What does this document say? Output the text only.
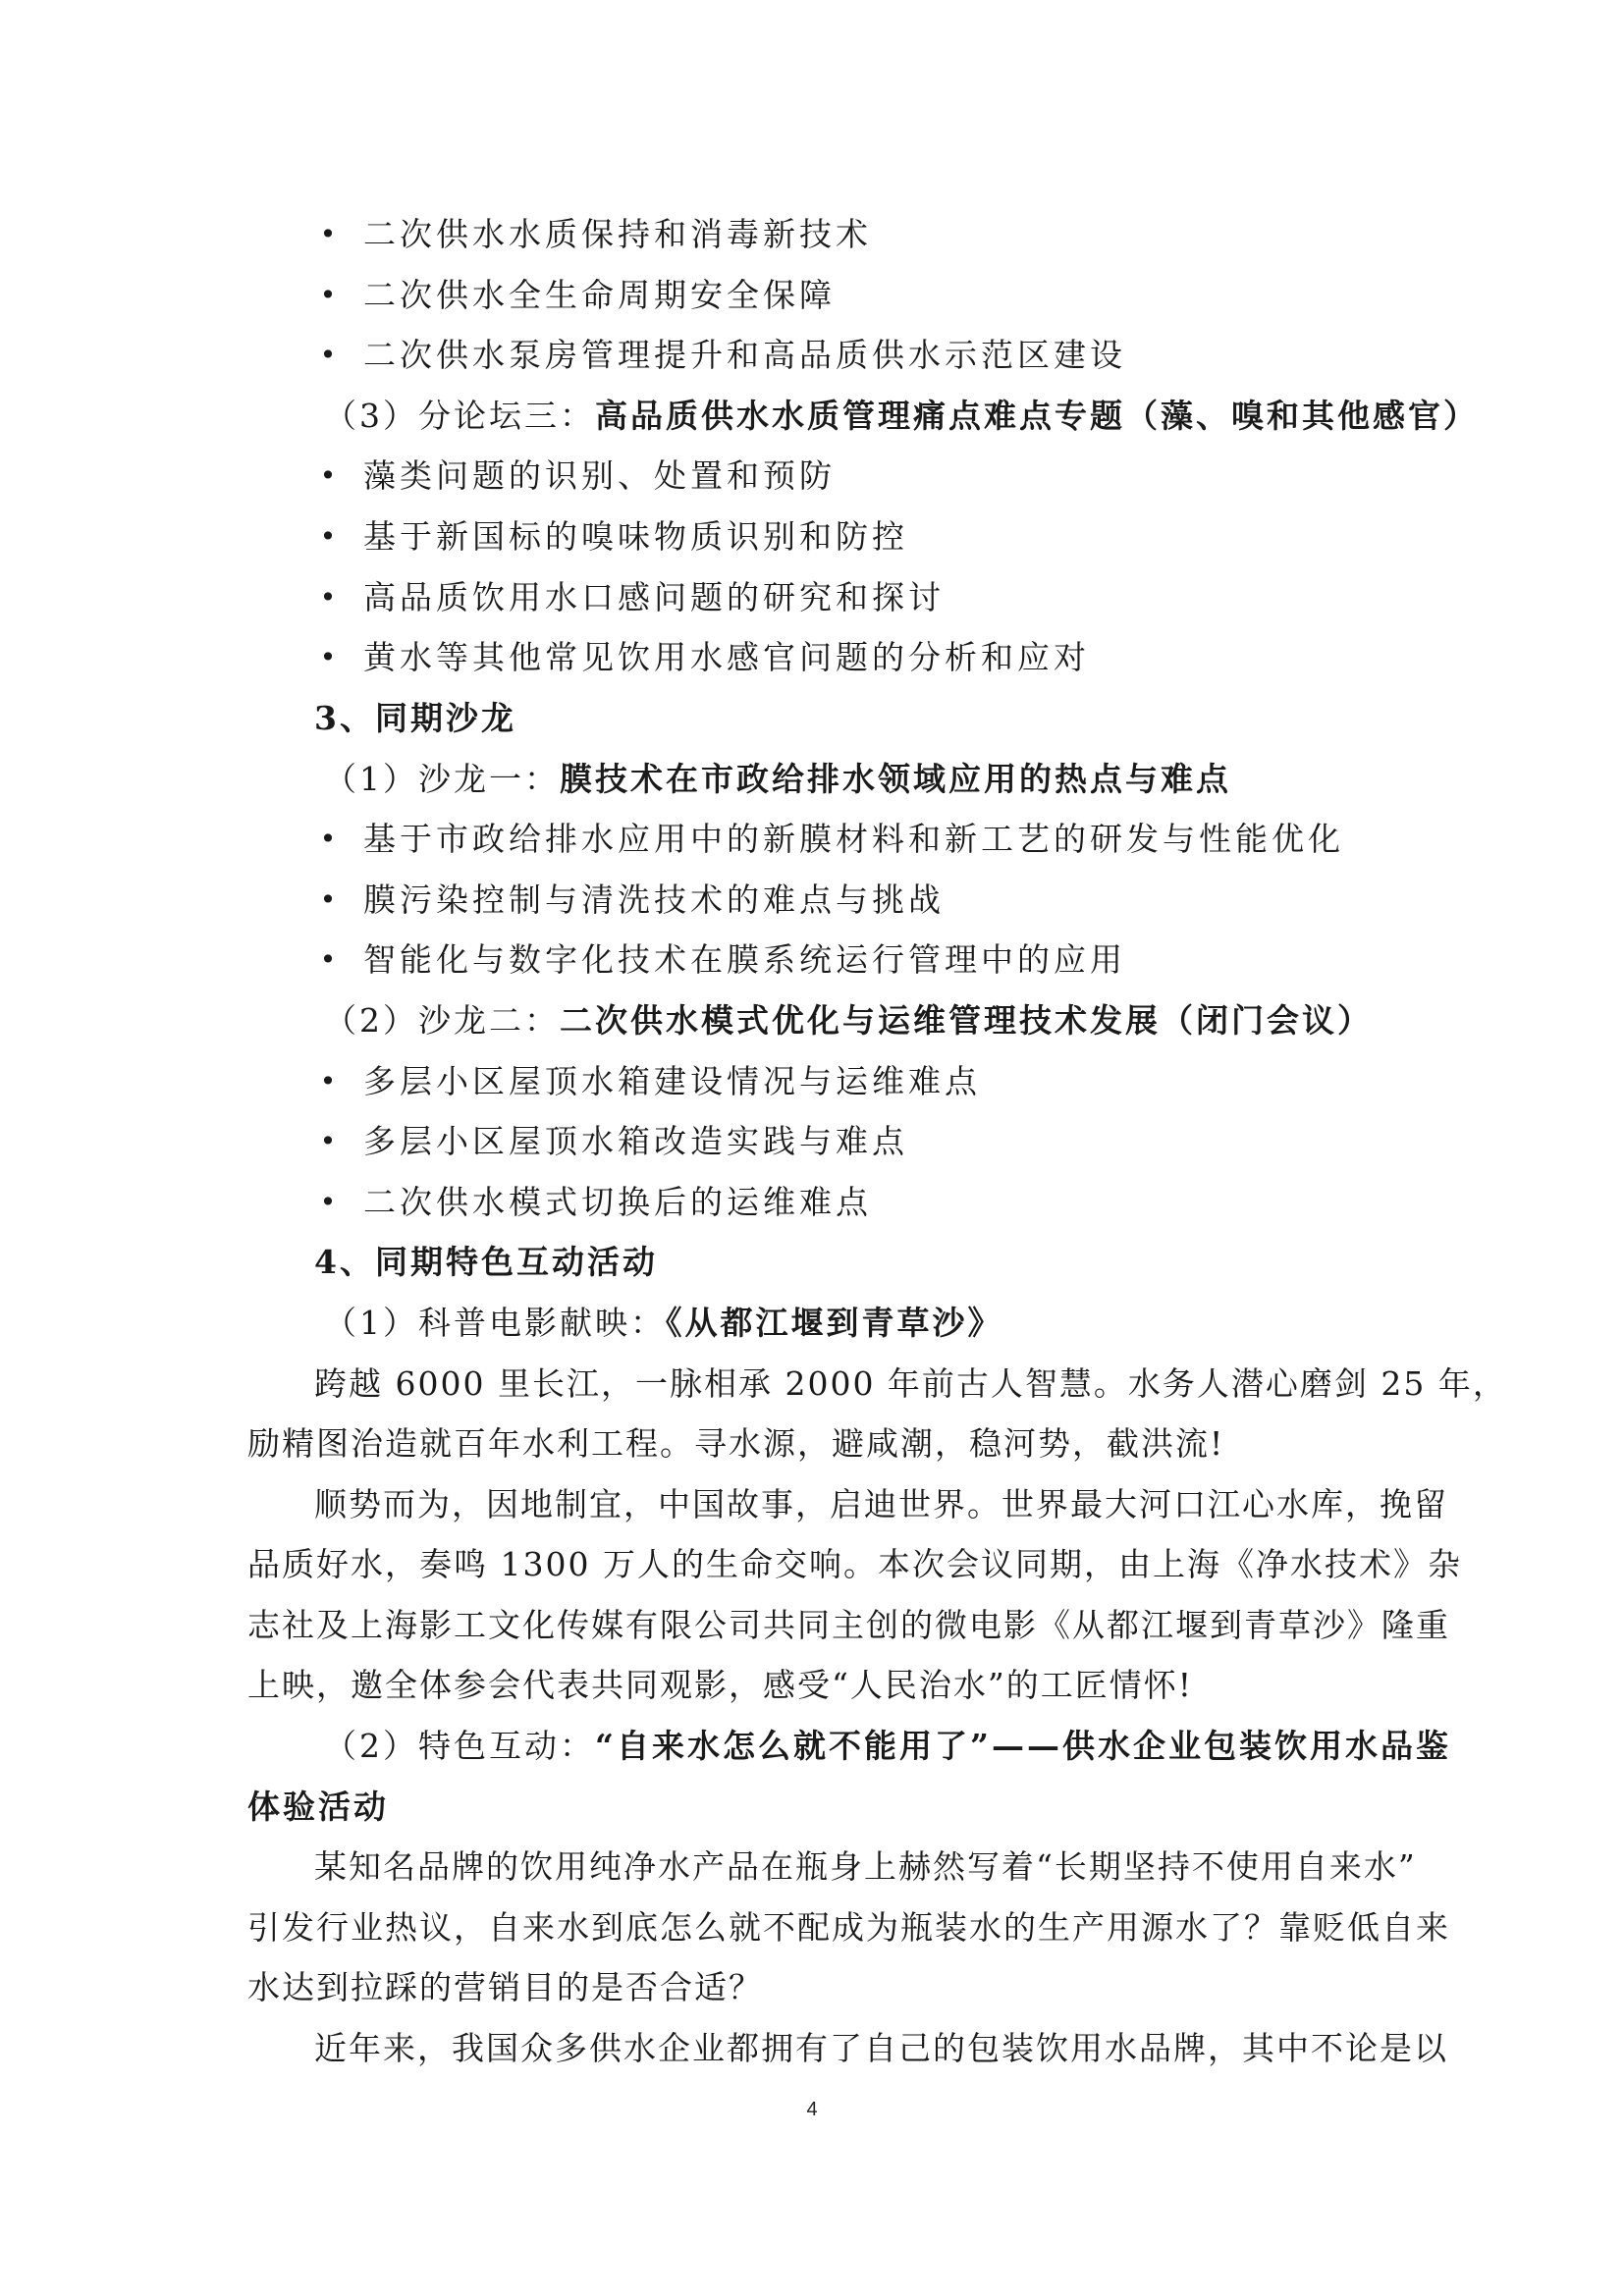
• 二次供水水质保持和消毒新技术
• 二次供水全生命周期安全保障
• 二次供水泵房管理提升和高品质供水示范区建设
（3）分论坛三：高品质供水水质管理痛点难点专题（藻、嗅和其他感官）
• 藻类问题的识别、处置和预防
• 基于新国标的嗅味物质识别和防控
• 高品质饮用水口感问题的研究和探讨
• 黄水等其他常见饮用水感官问题的分析和应对
3、同期沙龙
（1）沙龙一：膜技术在市政给排水领域应用的热点与难点
• 基于市政给排水应用中的新膜材料和新工艺的研发与性能优化
• 膜污染控制与清洗技术的难点与挑战
• 智能化与数字化技术在膜系统运行管理中的应用
（2）沙龙二：二次供水模式优化与运维管理技术发展（闭门会议）
• 多层小区屋顶水箱建设情况与运维难点
• 多层小区屋顶水箱改造实践与难点
• 二次供水模式切换后的运维难点
4、同期特色互动活动
（1）科普电影献映：《从都江堰到青草沙》
跨越 6000 里长江，一脉相承 2000 年前古人智慧。水务人潜心磨剑 25 年，
励精图治造就百年水利工程。寻水源，避咸潮，稳河势，截洪流!
顺势而为，因地制宜，中国故事，启迪世界。世界最大河口江心水库，挽留
品质好水，奏鸣 1300 万人的生命交响。本次会议同期，由上海《净水技术》杂
志社及上海影工文化传媒有限公司共同主创的微电影《从都江堰到青草沙》隆重
上映，邀全体参会代表共同观影，感受“人民治水”的工匠情怀!
（2）特色互动：“自来水怎么就不能用了”——供水企业包装饮用水品鉴
体验活动
某知名品牌的饮用纯净水产品在瓶身上赫然写着“长期坚持不使用自来水”
引发行业热议，自来水到底怎么就不配成为瓶装水的生产用源水了？靠贬低自来
水达到拉踩的营销目的是否合适？
近年来，我国众多供水企业都拥有了自己的包装饮用水品牌，其中不论是以
4
